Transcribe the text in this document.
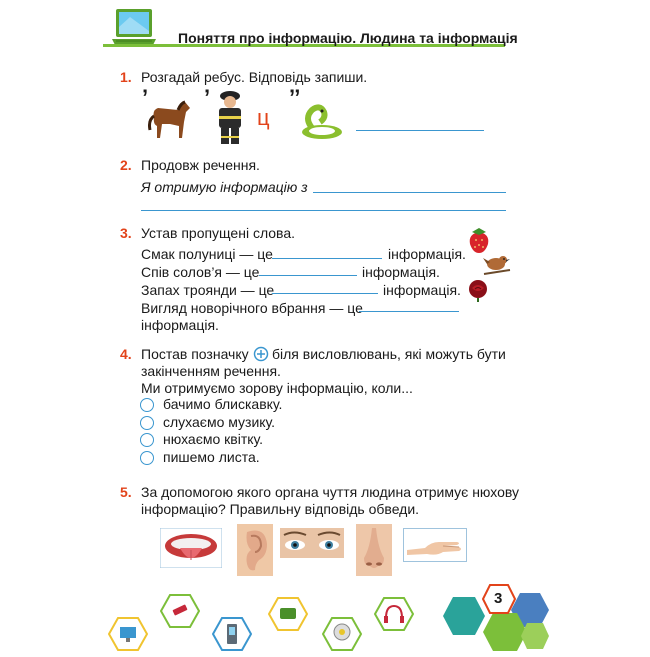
Поняття про інформацію. Людина та інформація
1. Розгадай ребус. Відповідь запиши.
’	’
ц
’’
2. Продовж речення.
Я отримую інформацію з
3. Устав пропущені слова.
Смак полуниці — це	інформація.
Спів солов’я — це	інформація.
Запах троянди — це	інформація.
Вигляд новорічного вбрання — це
інформація.
4. Постав позначку біля висловлювань, які можуть бути
закінченням речення.
Ми отримуємо зорову інформацію, коли...
бачимо блискавку.
слухаємо музику.
нюхаємо квітку.
пишемо листа.
5. За допомогою якого органа чуття людина отримує нюхову
інформацію? Правильну відповідь обведи.
3
